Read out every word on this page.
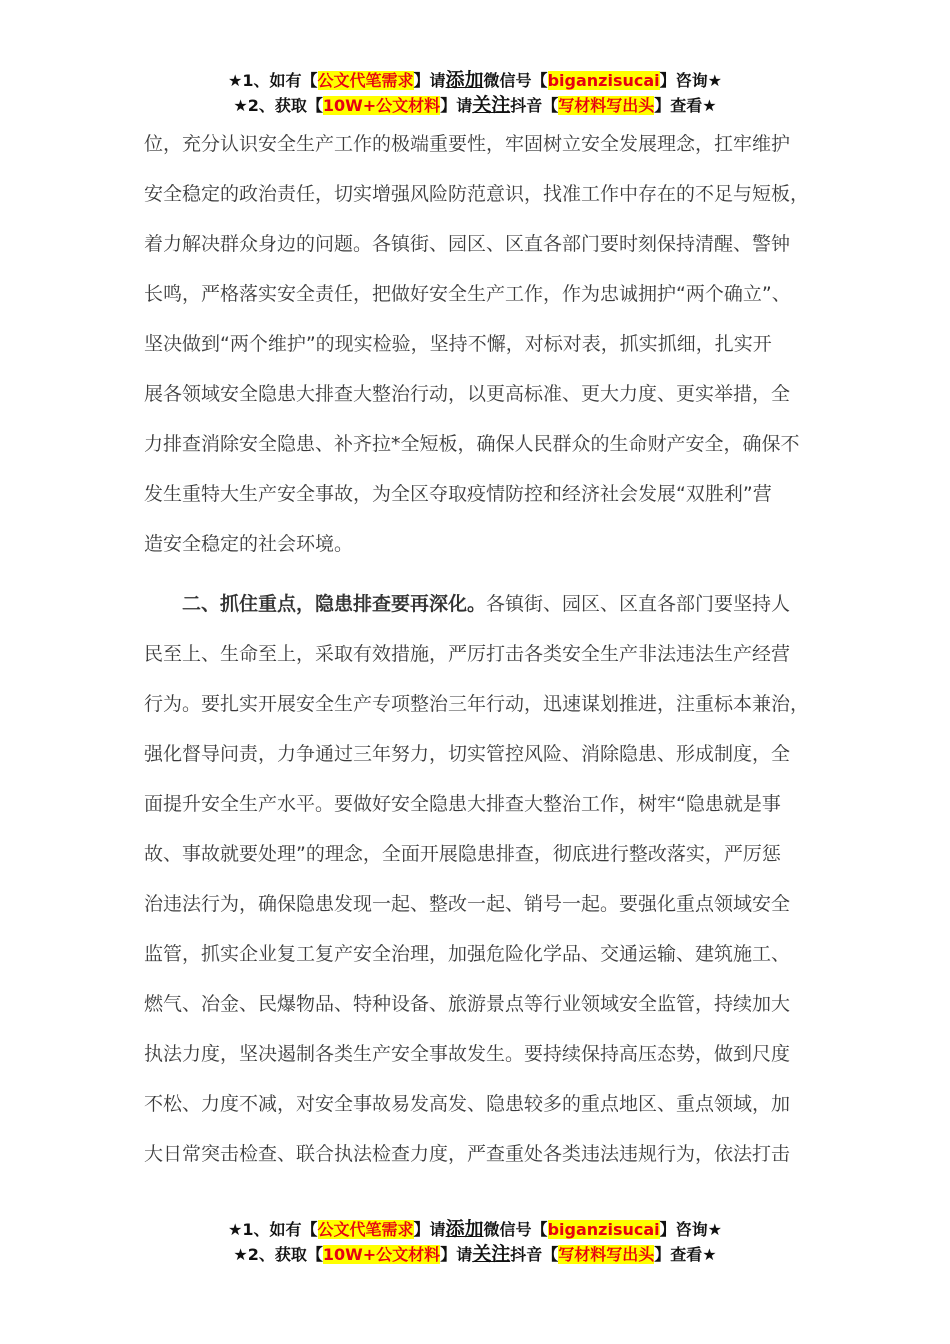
★1、如有【公文代笔需求】请添加微信号【biganzisucai】咨询★
★2、获取【10W+公文材料】请关注抖音【写材料写出头】查看★
位，充分认识安全生产工作的极端重要性，牢固树立安全发展理念，扛牢维护
安全稳定的政治责任，切实增强风险防范意识，找准工作中存在的不足与短板，
着力解决群众身边的问题。各镇街、园区、区直各部门要时刻保持清醒、警钟
长鸣，严格落实安全责任，把做好安全生产工作，作为忠诚拥护“两个确立”、
坚决做到“两个维护”的现实检验，坚持不懈，对标对表，抓实抓细，扎实开
展各领域安全隐患大排查大整治行动，以更高标准、更大力度、更实举措，全
力排查消除安全隐患、补齐拉*全短板，确保人民群众的生命财产安全，确保不
发生重特大生产安全事故，为全区夺取疫情防控和经济社会发展“双胜利”营
造安全稳定的社会环境。
二、抓住重点，隐患排查要再深化。各镇街、园区、区直各部门要坚持人
民至上、生命至上，采取有效措施，严厉打击各类安全生产非法违法生产经营
行为。要扎实开展安全生产专项整治三年行动，迅速谋划推进，注重标本兼治，
强化督导问责，力争通过三年努力，切实管控风险、消除隐患、形成制度，全
面提升安全生产水平。要做好安全隐患大排查大整治工作，树牢“隐患就是事
故、事故就要处理”的理念，全面开展隐患排查，彻底进行整改落实，严厉惩
治违法行为，确保隐患发现一起、整改一起、销号一起。要强化重点领域安全
监管，抓实企业复工复产安全治理，加强危险化学品、交通运输、建筑施工、
燃气、冶金、民爆物品、特种设备、旅游景点等行业领域安全监管，持续加大
执法力度，坚决遏制各类生产安全事故发生。要持续保持高压态势，做到尺度
不松、力度不减，对安全事故易发高发、隐患较多的重点地区、重点领域，加
大日常突击检查、联合执法检查力度，严查重处各类违法违规行为，依法打击
★1、如有【公文代笔需求】请添加微信号【biganzisucai】咨询★
★2、获取【10W+公文材料】请关注抖音【写材料写出头】查看★
